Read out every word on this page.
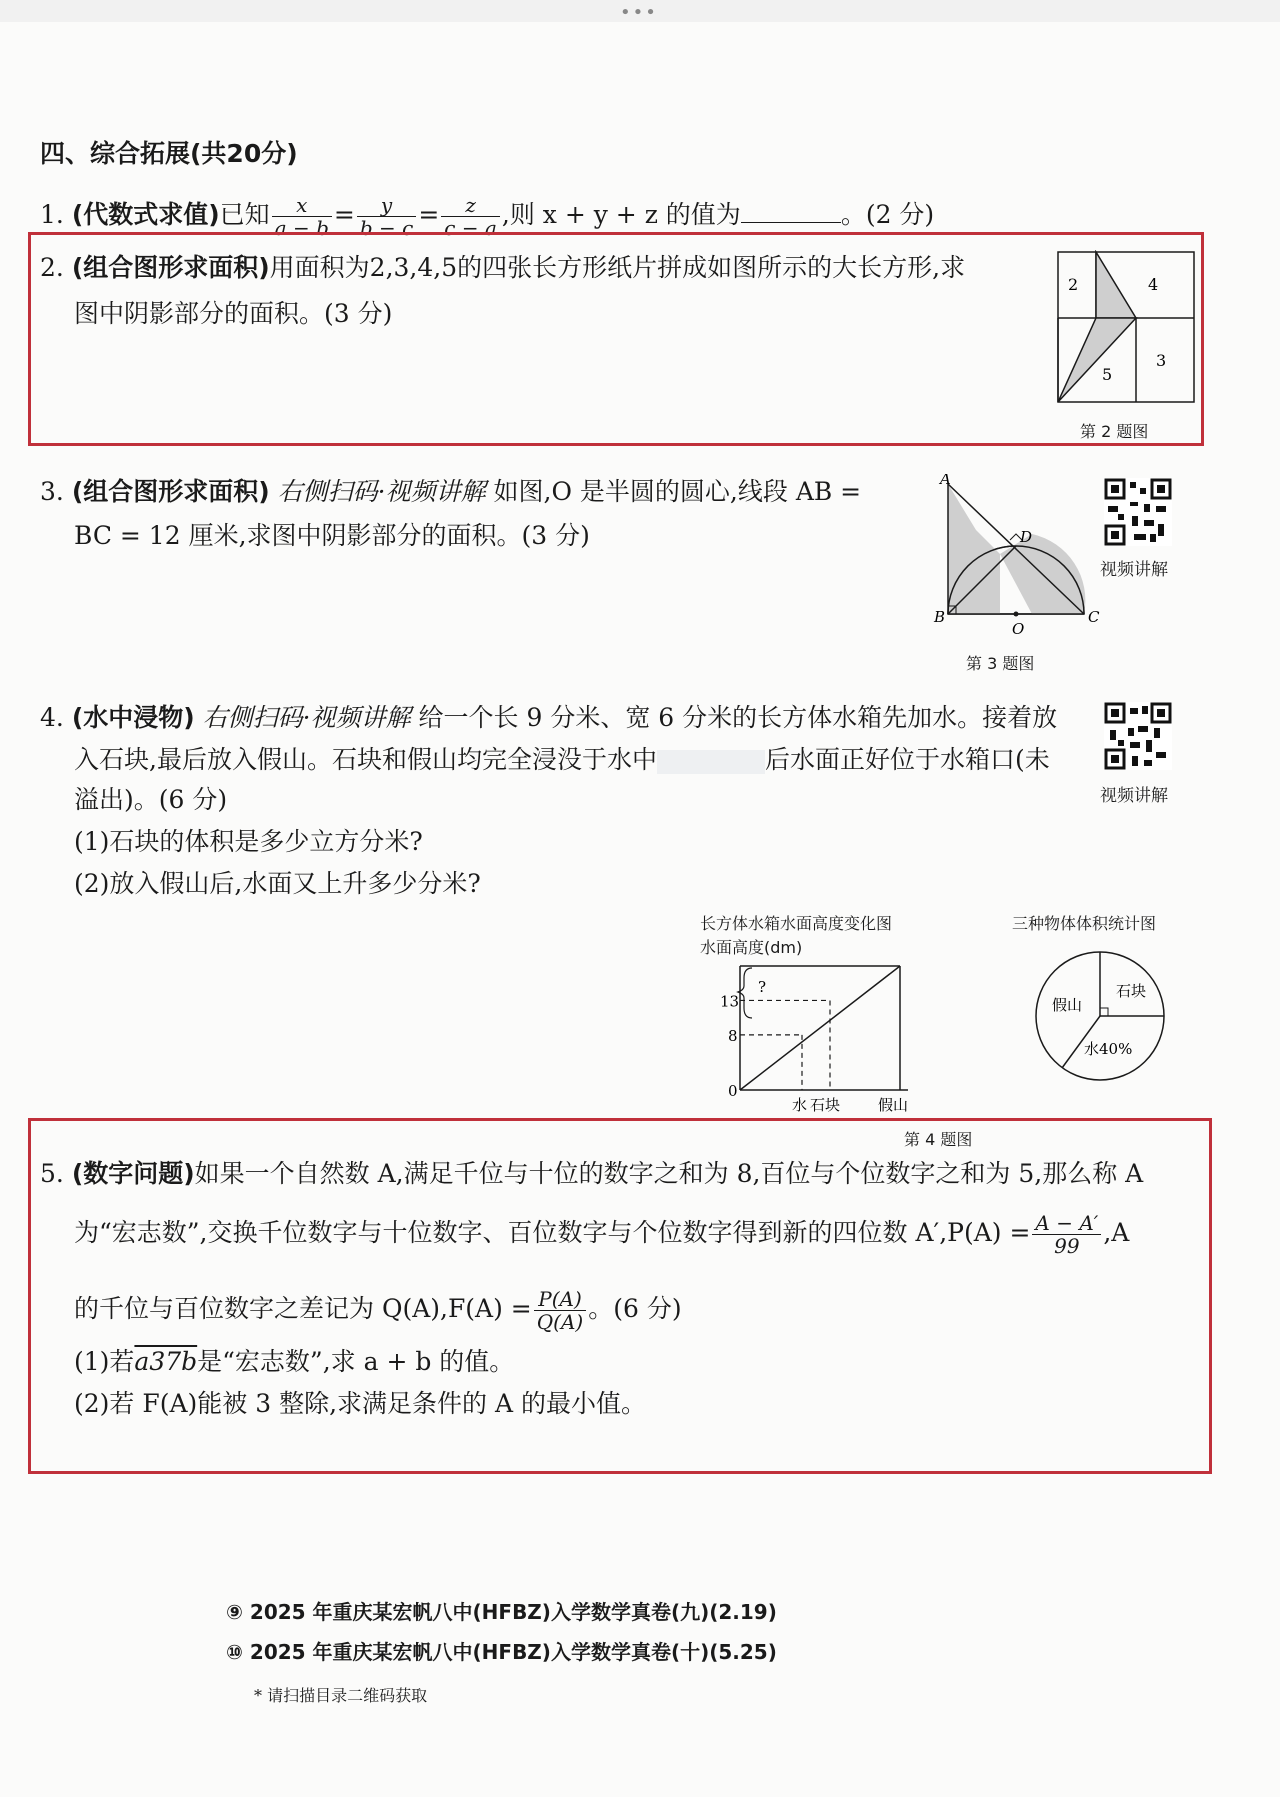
•••
四、综合拓展(共20分)
1. (代数式求值)已知 $\frac{x}{a - b} = \frac{y}{b - c} = \frac{z}{c - a}$ ,则 x + y + z 的值为	。(2 分)
2. (组合图形求面积)用面积为2,3,4,5的四张长方形纸片拼成如图所示的大长方形,求
图中阴影部分的面积。(3 分)
2	4
5
3
第 2 题图
3. (组合图形求面积) 右侧扫码·视频讲解 如图,O 是半圆的圆心,线段 AB =
BC = 12 厘米,求图中阴影部分的面积。(3 分)
A
B	C
D
O
第 3 题图
视频讲解
4. (水中浸物) 右侧扫码·视频讲解 给一个长 9 分米、宽 6 分米的长方体水箱先加水。接着放
入石块,最后放入假山。石块和假山均完全浸没于水中	后水面正好位于水箱口(未
溢出)。(6 分)
(1)石块的体积是多少立方分米?
(2)放入假山后,水面又上升多少分米?
视频讲解
长方体水箱水面高度变化图
水面高度(dm)
?
0
8
13
水 石块	假山
三种物体体积统计图
假山
石块
水40%
第 4 题图
5. (数字问题)如果一个自然数 A,满足千位与十位的数字之和为 8,百位与个位数字之和为 5,那么称 A
为“宏志数”,交换千位数字与十位数字、百位数字与个位数字得到新的四位数 $A',P(A) = \frac{A - A'}{99} ,A$
的千位与百位数字之差记为 $Q(A),F(A) = \frac{P(A)}{Q(A)}$ 。(6 分)
(1)若a37b是“宏志数”,求 a + b 的值。
(2)若 F(A)能被 3 整除,求满足条件的 A 的最小值。
⑨ 2025 年重庆某宏帆八中(HFBZ)入学数学真卷(九)(2.19)
⑩ 2025 年重庆某宏帆八中(HFBZ)入学数学真卷(十)(5.25)
* 请扫描目录二维码获取
